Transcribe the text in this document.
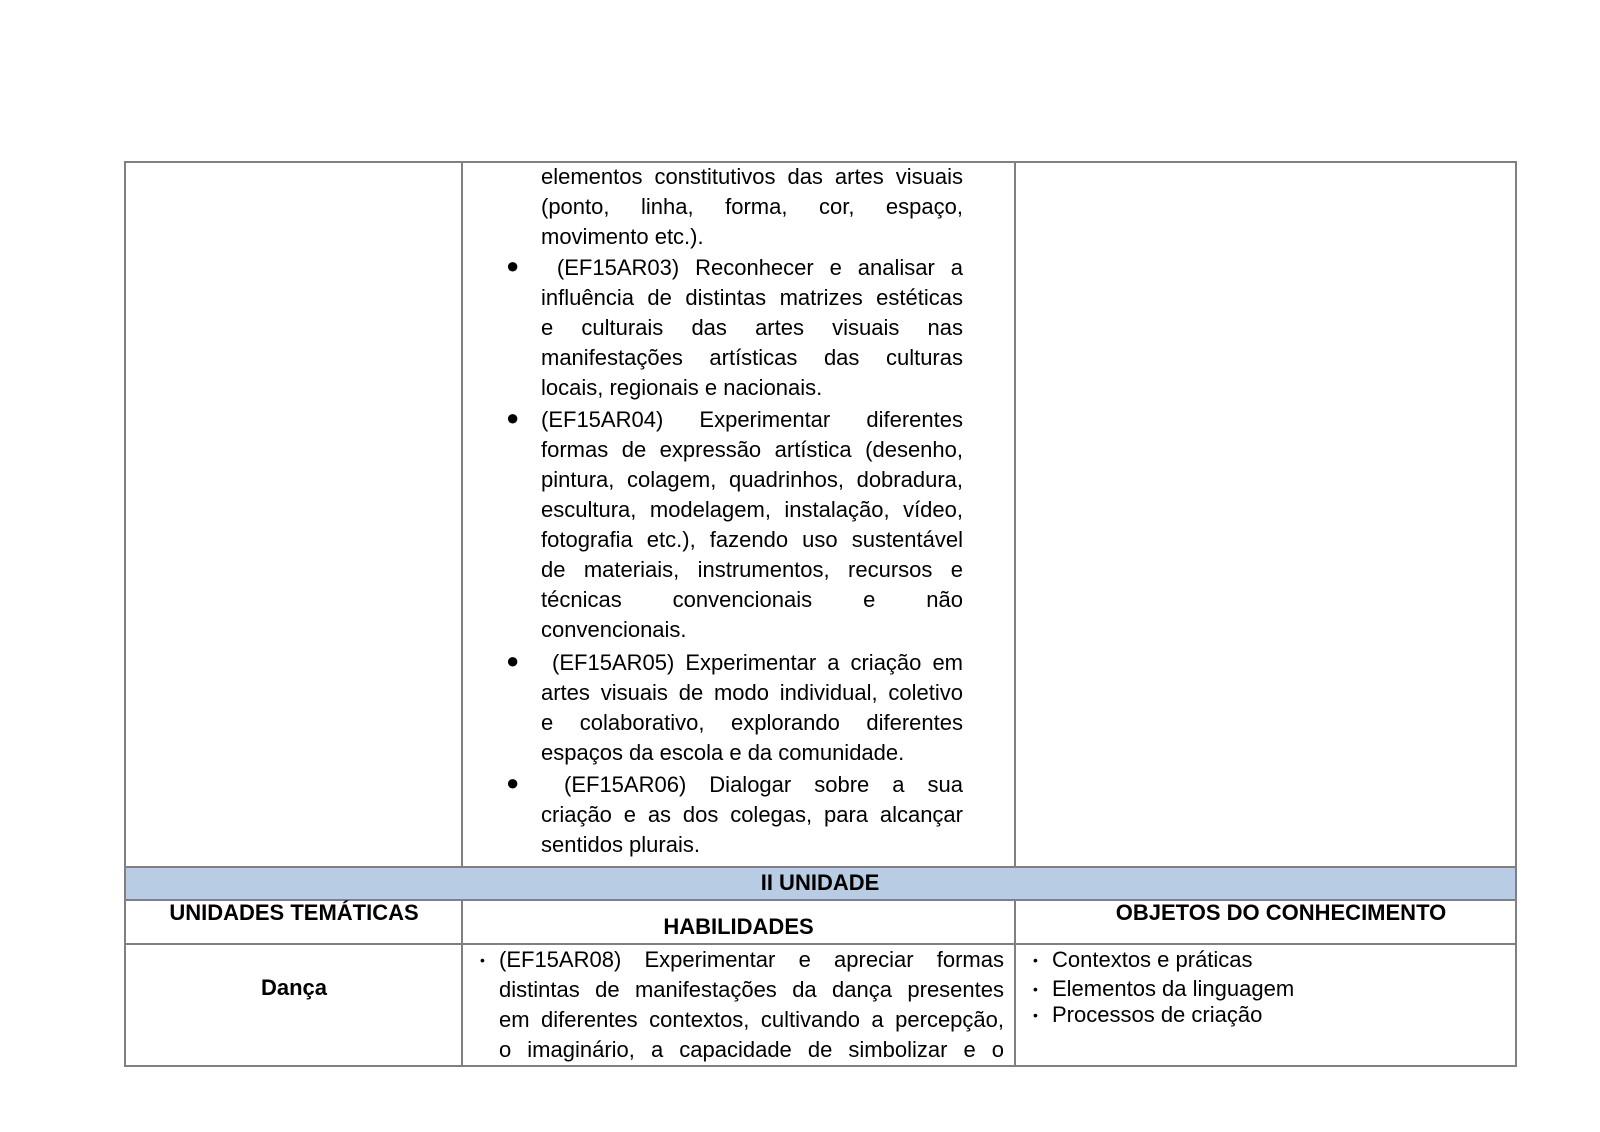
elementos constitutivos das artes visuais
(ponto, linha, forma, cor, espaço,
movimento etc.).
● (EF15AR03) Reconhecer e analisar a
influência de distintas matrizes estéticas
e culturais das artes visuais nas
manifestações artísticas das culturas
locais, regionais e nacionais.
● (EF15AR04) Experimentar diferentes
formas de expressão artística (desenho,
pintura, colagem, quadrinhos, dobradura,
escultura, modelagem, instalação, vídeo,
fotografia etc.), fazendo uso sustentável
de materiais, instrumentos, recursos e
técnicas convencionais e não
convencionais.
● (EF15AR05) Experimentar a criação em
artes visuais de modo individual, coletivo
e colaborativo, explorando diferentes
espaços da escola e da comunidade.
● (EF15AR06) Dialogar sobre a sua
criação e as dos colegas, para alcançar
sentidos plurais.
II UNIDADE
UNIDADES TEMÁTICAS
HABILIDADES
OBJETOS DO CONHECIMENTO
Dança
• (EF15AR08) Experimentar e apreciar formas
distintas de manifestações da dança presentes
em diferentes contextos, cultivando a percepção,
o imaginário, a capacidade de simbolizar e o
• Contextos e práticas
• Elementos da linguagem
• Processos de criação
